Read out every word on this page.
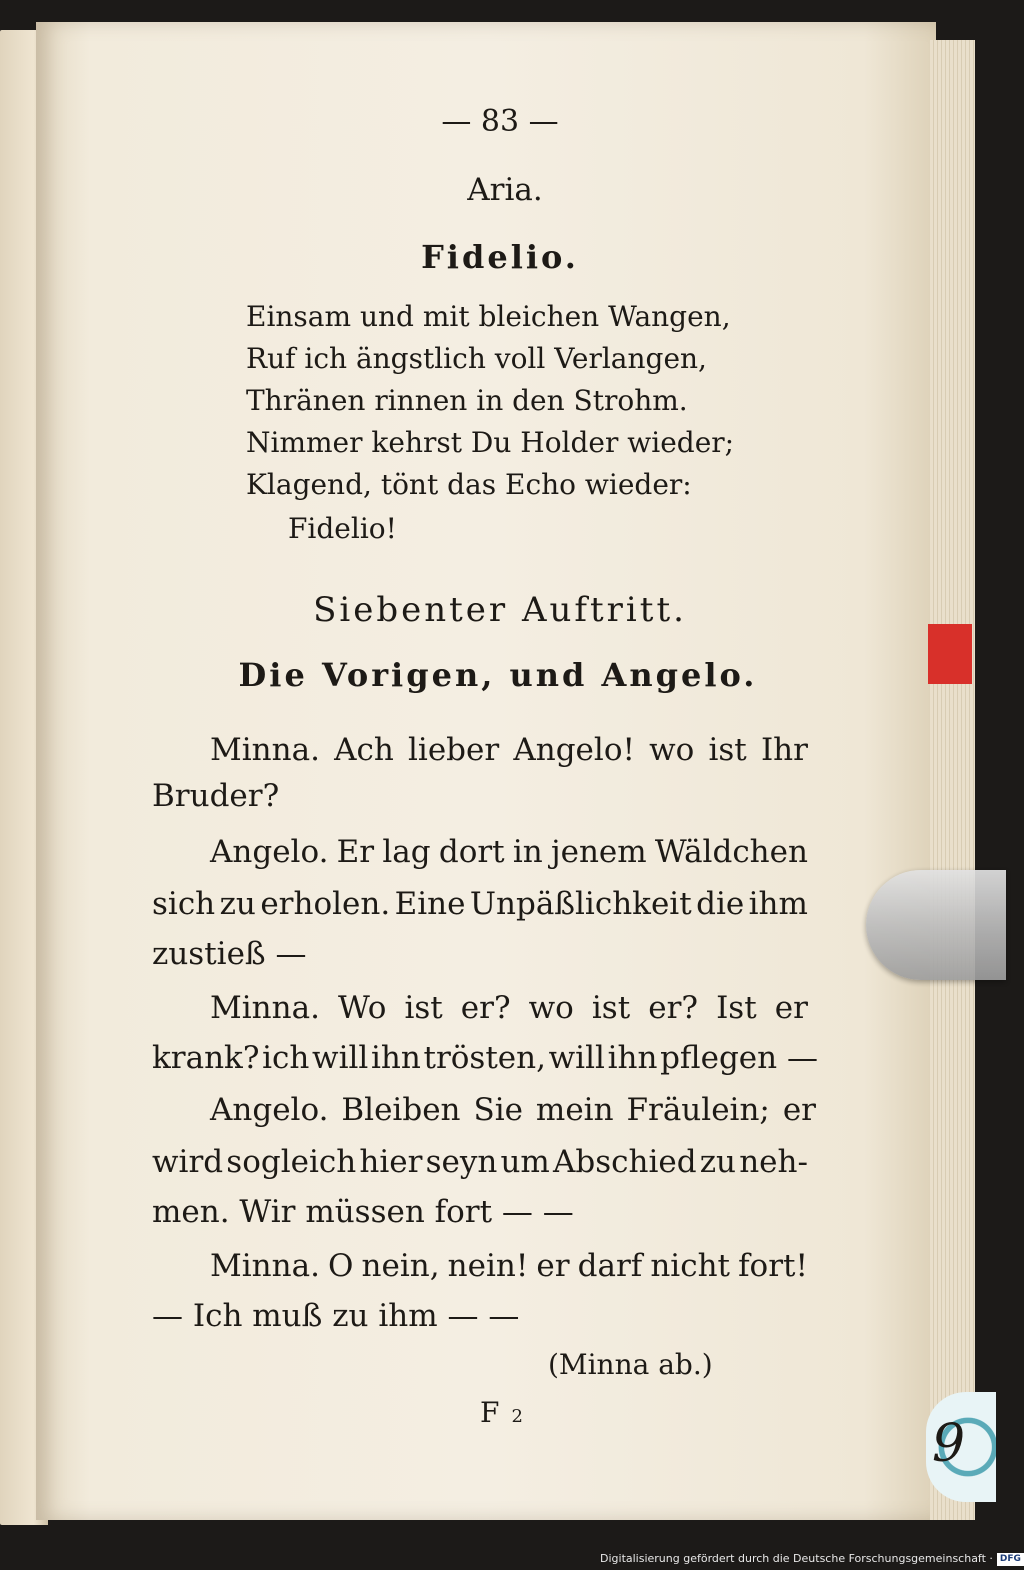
9
— 83 —
Aria.
Fidelio.
Einsam und mit bleichen Wangen,
Ruf ich ängstlich voll Verlangen,
Thränen rinnen in den Strohm.
Nimmer kehrst Du Holder wieder;
Klagend, tönt das Echo wieder:
Fidelio!
Siebenter Auftritt.
Die Vorigen, und Angelo.
Minna. Ach lieber Angelo! wo ist Ihr
Bruder?
Angelo. Er lag dort in jenem Wäldchen
sich zu erholen. Eine Unpäßlichkeit die ihm
zustieß —
Minna. Wo ist er? wo ist er? Ist er
krank? ich will ihn trösten, will ihn pflegen —
Angelo. Bleiben Sie mein Fräulein; er
wird sogleich hier seyn um Abschied zu neh-
men. Wir müssen fort — —
Minna. O nein, nein! er darf nicht fort!
— Ich muß zu ihm — —
(Minna ab.)
F 2
Digitalisierung gefördert durch die Deutsche Forschungsgemeinschaft · DFG
